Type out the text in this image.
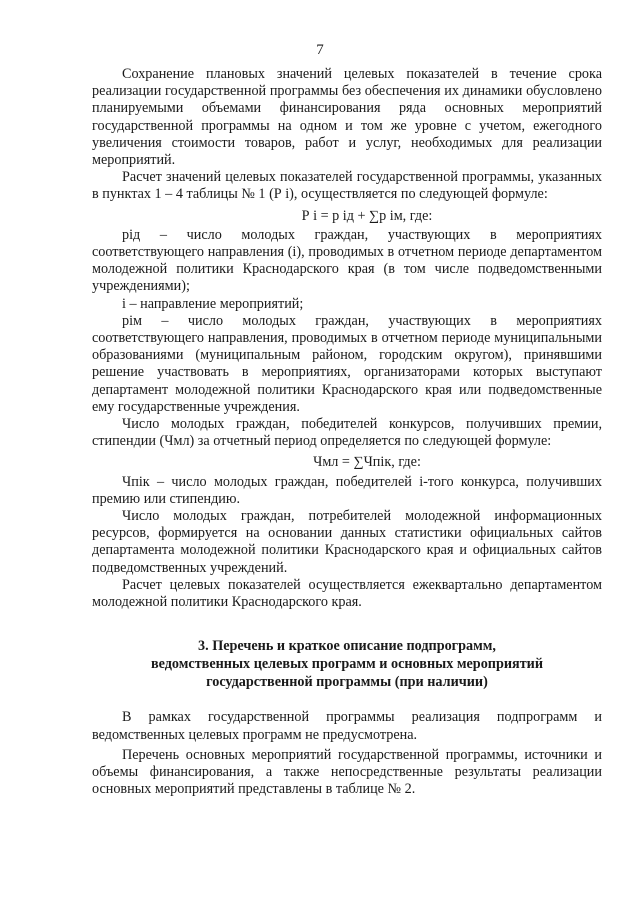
7

Сохранение плановых значений целевых показателей в течение срока реализации государственной программы без обеспечения их динамики обусловлено планируемыми объемами финансирования ряда основных мероприятий государственной программы на одном и том же уровне с учетом, ежегодного увеличения стоимости товаров, работ и услуг, необходимых для реализации мероприятий.

Расчет значений целевых показателей государственной программы, указанных в пунктах 1 – 4 таблицы № 1 (Р i), осуществляется по следующей формуле:

Р i = р iд + ∑р iм, где:

piд – число молодых граждан, участвующих в мероприятиях соответствующего направления (i), проводимых в отчетном периоде департаментом молодежной политики Краснодарского края (в том числе подведомственными учреждениями);

i – направление мероприятий;

piм – число молодых граждан, участвующих в мероприятиях соответствующего направления, проводимых в отчетном периоде муниципальными образованиями (муниципальным районом, городским округом), принявшими решение участвовать в мероприятиях, организаторами которых выступают департамент молодежной политики Краснодарского края или подведомственные ему государственные учреждения.

Число молодых граждан, победителей конкурсов, получивших премии, стипендии (Чмл) за отчетный период определяется по следующей формуле:

Чмл = ∑Чпiк, где:

Чпiк – число молодых граждан, победителей i-того конкурса, получивших премию или стипендию.

Число молодых граждан, потребителей молодежной информационных ресурсов, формируется на основании данных статистики официальных сайтов департамента молодежной политики Краснодарского края и официальных сайтов подведомственных учреждений.

Расчет целевых показателей осуществляется ежеквартально департаментом молодежной политики Краснодарского края.

3. Перечень и краткое описание подпрограмм,
ведомственных целевых программ и основных мероприятий
государственной программы (при наличии)

В рамках государственной программы реализация подпрограмм и ведомственных целевых программ не предусмотрена.

Перечень основных мероприятий государственной программы, источники и объемы финансирования, а также непосредственные результаты реализации основных мероприятий представлены в таблице № 2.
